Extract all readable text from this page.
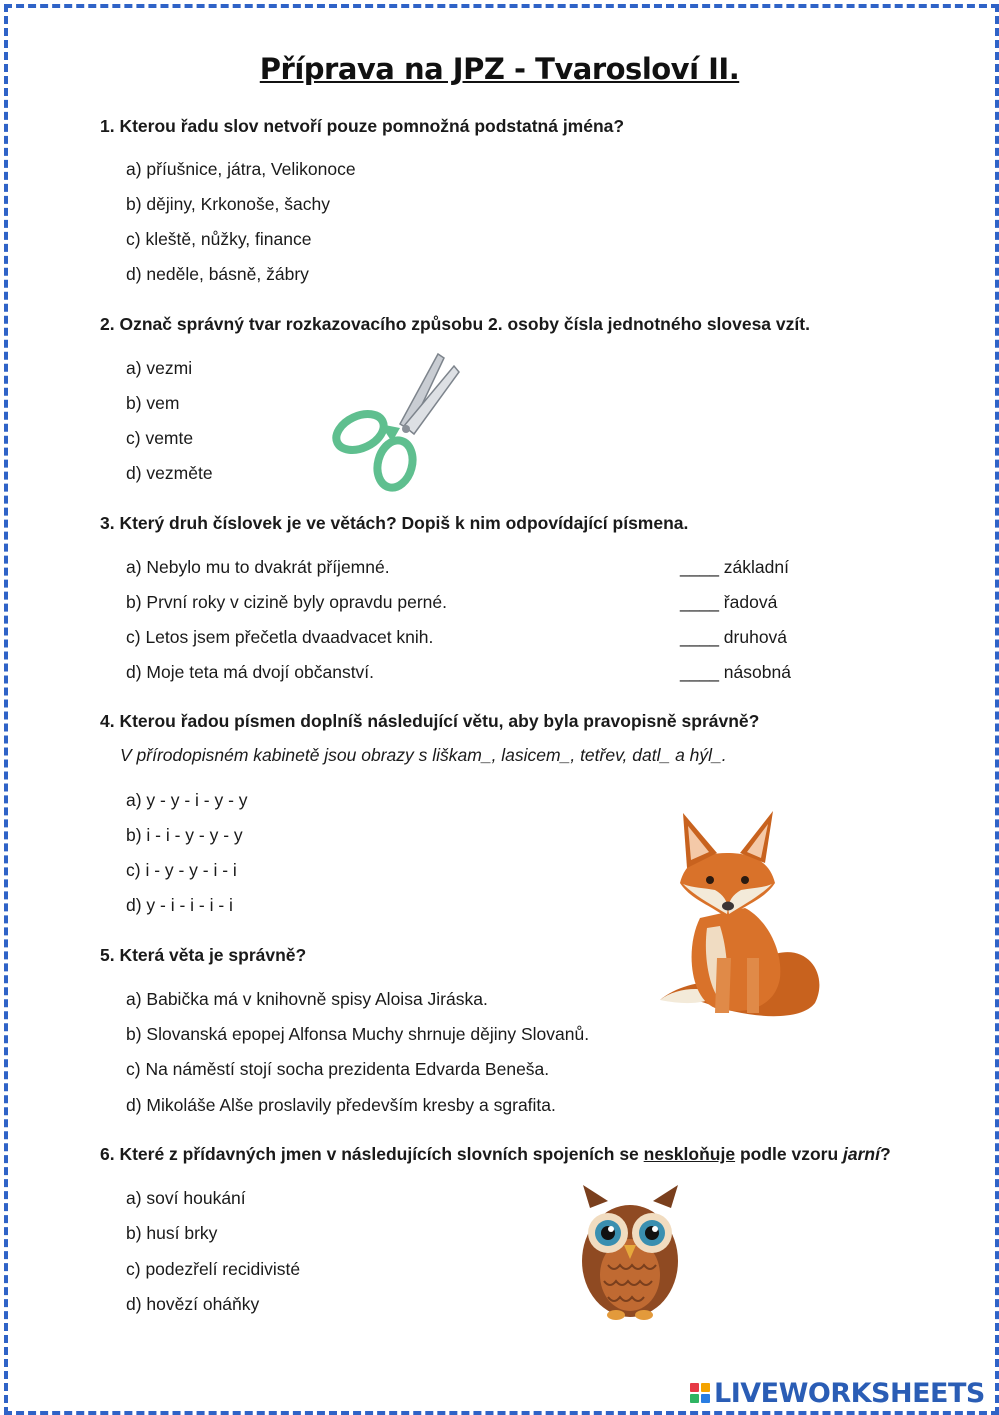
Příprava na JPZ - Tvarosloví II.
1. Kterou řadu slov netvoří pouze pomnožná podstatná jména?
a) příušnice, játra, Velikonoce
b) dějiny, Krkonoše, šachy
c) kleště, nůžky, finance
d) neděle, básně, žábry
2. Označ správný tvar rozkazovacího způsobu 2. osoby čísla jednotného slovesa vzít.
a) vezmi
b) vem
c) vemte
d) vezměte
3. Který druh číslovek je ve větách? Dopiš k nim odpovídající písmena.
a) Nebylo mu to dvakrát příjemné.
b) První roky v cizině byly opravdu perné.
c) Letos jsem přečetla dvaadvacet knih.
d) Moje teta má dvojí občanství.
____ základní
____ řadová
____ druhová
____ násobná
4. Kterou řadou písmen doplníš následující větu, aby byla pravopisně správně?
V přírodopisném kabinetě jsou obrazy s liškam_, lasicem_, tetřev, datl_ a hýl_.
a) y - y - i - y - y
b) i - i - y - y - y
c) i - y - y - i - i
d) y - i - i - i - i
5. Která věta je správně?
a) Babička má v knihovně spisy Aloisa Jiráska.
b) Slovanská epopej Alfonsa Muchy shrnuje dějiny Slovanů.
c) Na náměstí stojí socha prezidenta Edvarda Beneša.
d) Mikoláše Alše proslavily především kresby a sgrafita.
6. Které z přídavných jmen v následujících slovních spojeních se neskloňuje podle vzoru jarní?
a) soví houkání
b) husí brky
c) podezřelí recidivisté
d) hovězí oháňky
LIVEWORKSHEETS
